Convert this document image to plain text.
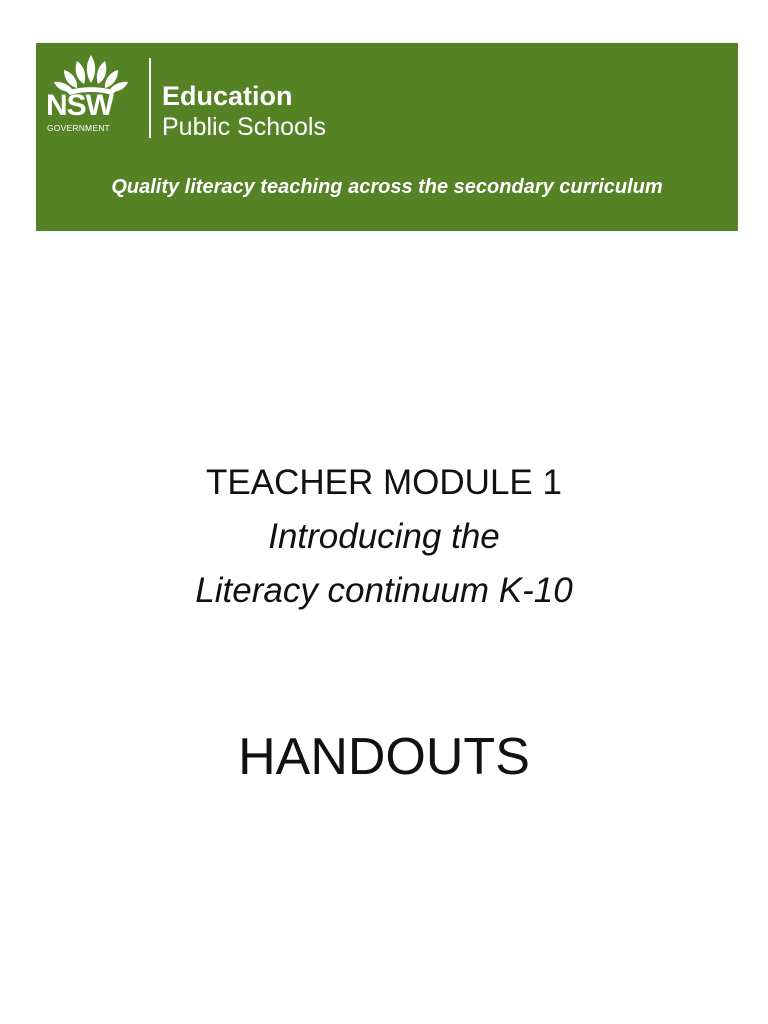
NSW
GOVERNMENT
Education
Public Schools
Quality literacy teaching across the secondary curriculum
TEACHER MODULE 1
Introducing the
Literacy continuum K-10
HANDOUTS
